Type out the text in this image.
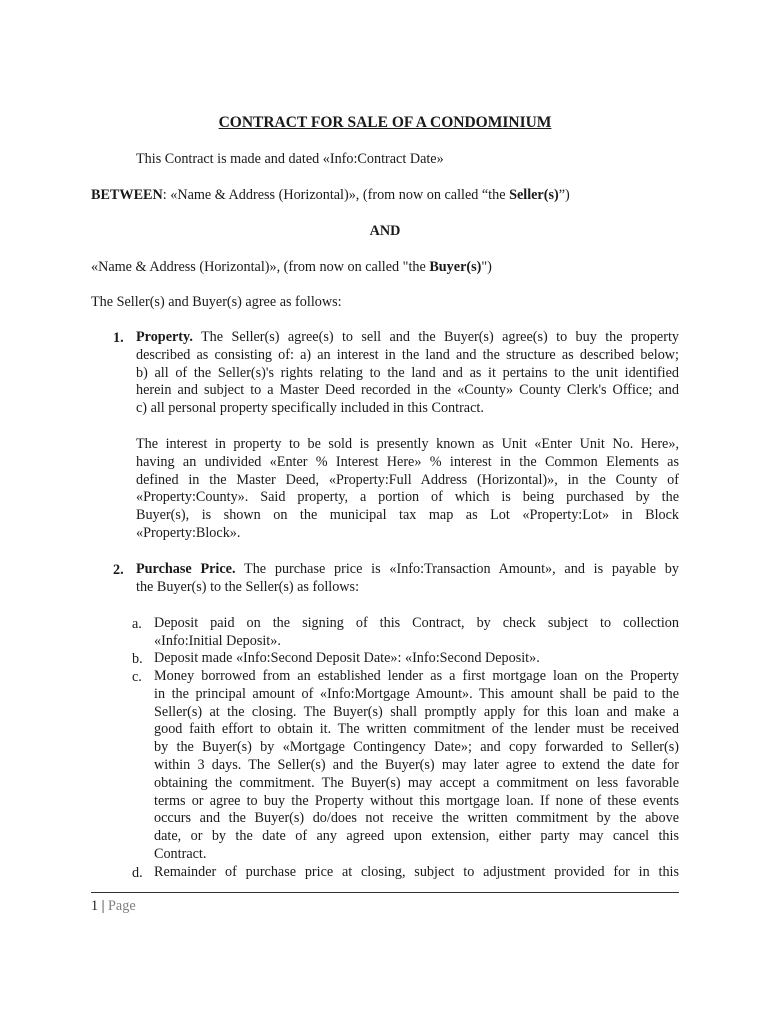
CONTRACT FOR SALE OF A CONDOMINIUM
This Contract is made and dated «Info:Contract Date»
BETWEEN: «Name & Address (Horizontal)», (from now on called “the Seller(s)”)
AND
«Name & Address (Horizontal)», (from now on called "the Buyer(s)")
The Seller(s) and Buyer(s) agree as follows:
1. Property. The Seller(s) agree(s) to sell and the Buyer(s) agree(s) to buy the property
described as consisting of: a) an interest in the land and the structure as described below;
b) all of the Seller(s)'s rights relating to the land and as it pertains to the unit identified
herein and subject to a Master Deed recorded in the «County» County Clerk's Office; and
c) all personal property specifically included in this Contract.
The interest in property to be sold is presently known as Unit «Enter Unit No. Here»,
having an undivided «Enter % Interest Here» % interest in the Common Elements as
defined in the Master Deed, «Property:Full Address (Horizontal)», in the County of
«Property:County». Said property, a portion of which is being purchased by the
Buyer(s), is shown on the municipal tax map as Lot «Property:Lot» in Block
«Property:Block».
2. Purchase Price. The purchase price is «Info:Transaction Amount», and is payable by
the Buyer(s) to the Seller(s) as follows:
a. Deposit paid on the signing of this Contract, by check subject to collection
«Info:Initial Deposit».
b. Deposit made «Info:Second Deposit Date»: «Info:Second Deposit».
c. Money borrowed from an established lender as a first mortgage loan on the Property
in the principal amount of «Info:Mortgage Amount». This amount shall be paid to the
Seller(s) at the closing. The Buyer(s) shall promptly apply for this loan and make a
good faith effort to obtain it. The written commitment of the lender must be received
by the Buyer(s) by «Mortgage Contingency Date»; and copy forwarded to Seller(s)
within 3 days. The Seller(s) and the Buyer(s) may later agree to extend the date for
obtaining the commitment. The Buyer(s) may accept a commitment on less favorable
terms or agree to buy the Property without this mortgage loan. If none of these events
occurs and the Buyer(s) do/does not receive the written commitment by the above
date, or by the date of any agreed upon extension, either party may cancel this
Contract.
d. Remainder of purchase price at closing, subject to adjustment provided for in this
1 | Page
